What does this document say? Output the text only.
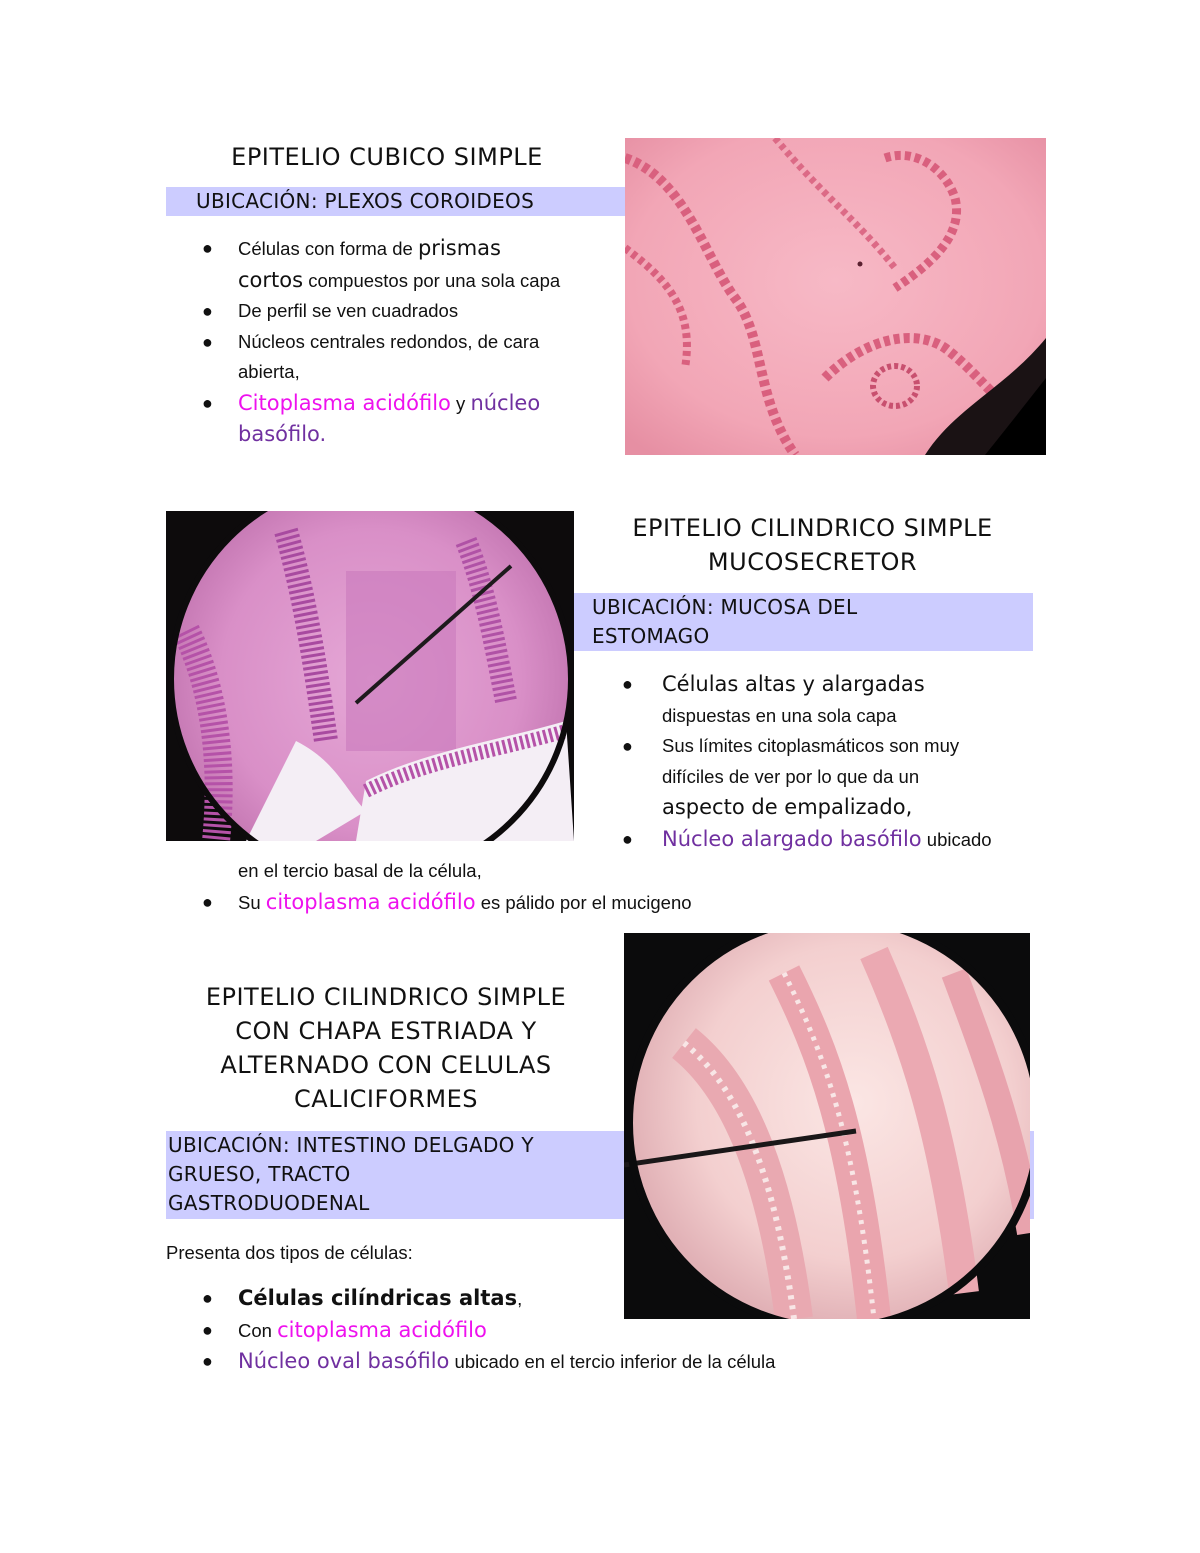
EPITELIO CUBICO SIMPLE
UBICACIÓN: PLEXOS COROIDEOS
● Células con forma de prismas
cortos compuestos por una sola capa
● De perfil se ven cuadrados
● Núcleos centrales redondos, de cara
abierta,
● Citoplasma acidófilo y núcleo
basófilo.
EPITELIO CILINDRICO SIMPLE
MUCOSECRETOR
UBICACIÓN: MUCOSA DEL
ESTOMAGO
● Células altas y alargadas
dispuestas en una sola capa
● Sus límites citoplasmáticos son muy
difíciles de ver por lo que da un
aspecto de empalizado,
● Núcleo alargado basófilo ubicado
en el tercio basal de la célula,
● Su citoplasma acidófilo es pálido por el mucigeno
EPITELIO CILINDRICO SIMPLE
CON CHAPA ESTRIADA Y
ALTERNADO CON CELULAS
CALICIFORMES
UBICACIÓN: INTESTINO DELGADO Y
GRUESO, TRACTO
GASTRODUODENAL
Presenta dos tipos de células:
● Células cilíndricas altas,
● Con citoplasma acidófilo
● Núcleo oval basófilo ubicado en el tercio inferior de la célula
